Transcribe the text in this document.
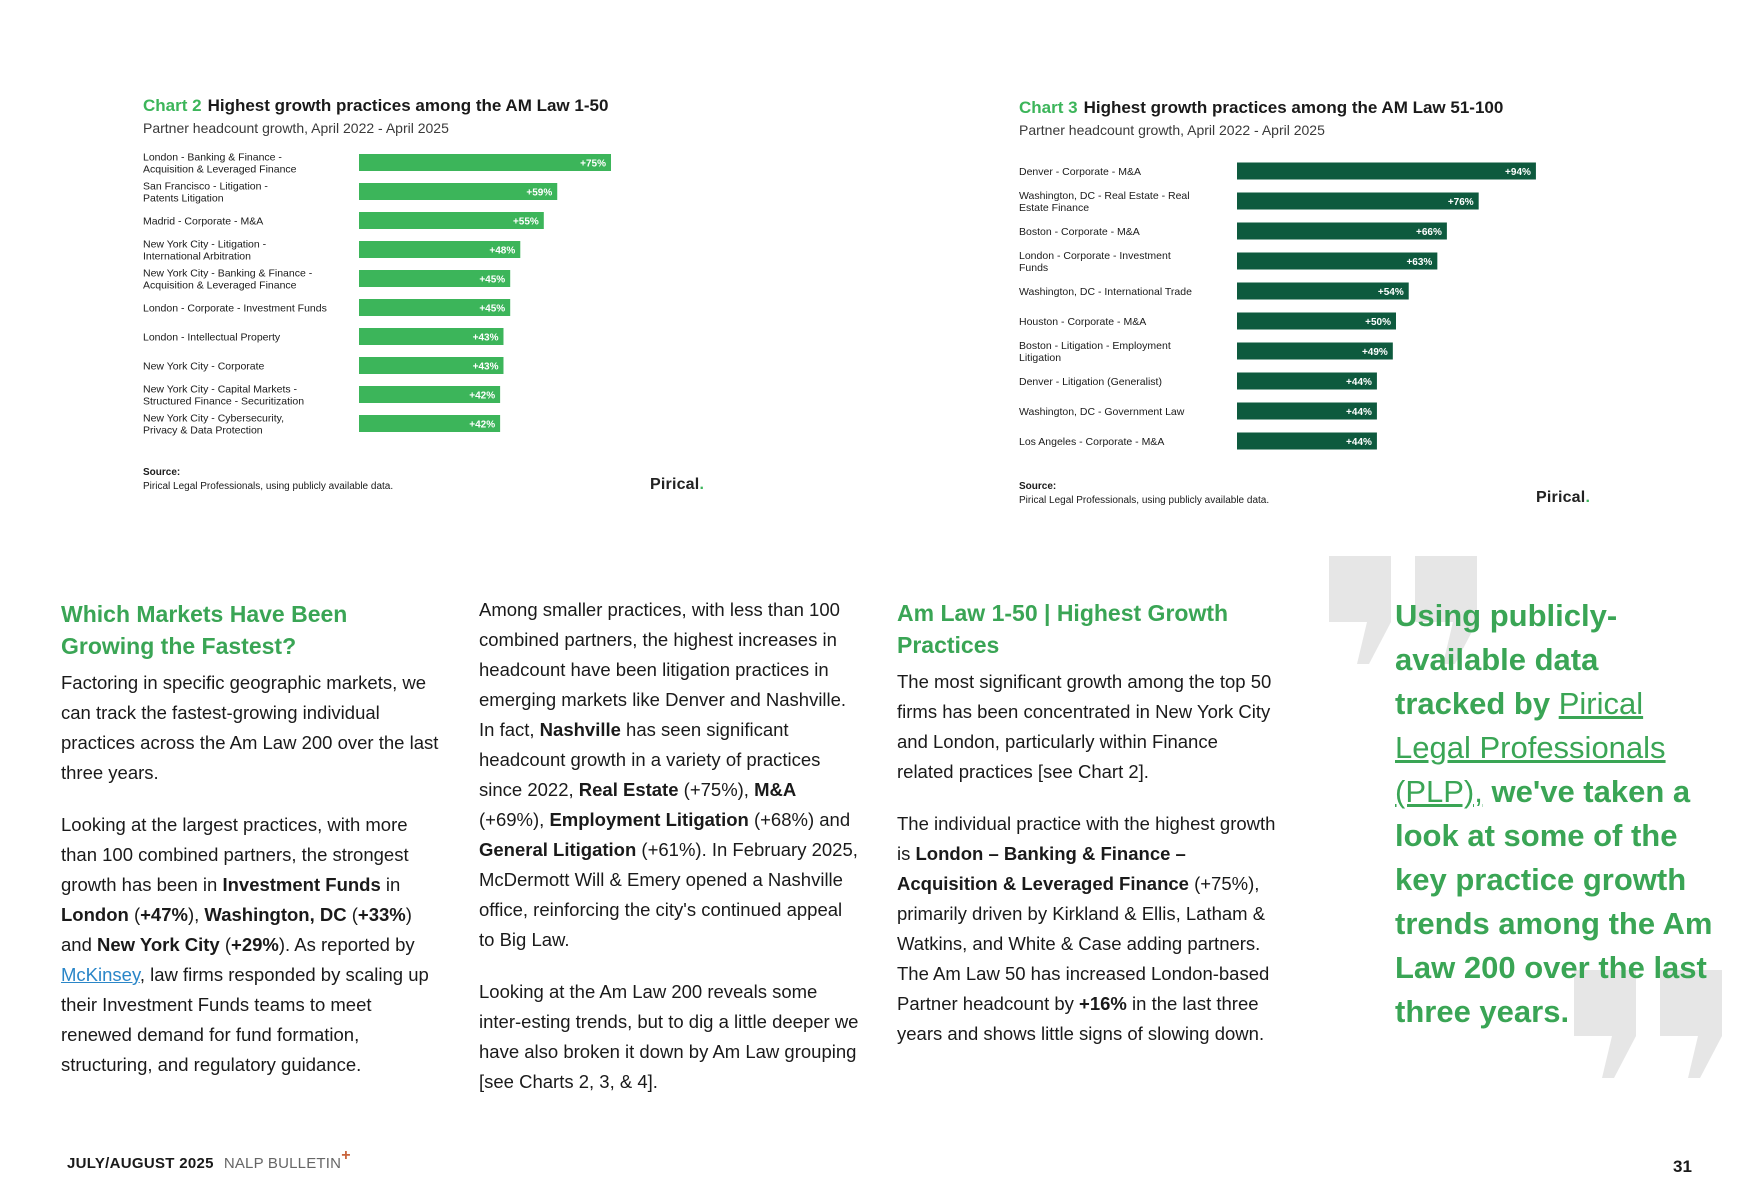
Chart 2 Highest growth practices among the AM Law 1-50
Partner headcount growth, April 2022 - April 2025
London - Banking & Finance -
Acquisition & Leveraged Finance	+75%
San Francisco - Litigation -
Patents Litigation	+59%
Madrid - Corporate - M&A	+55%
New York City - Litigation -
International Arbitration	+48%
New York City - Banking & Finance -
Acquisition & Leveraged Finance	+45%
London - Corporate - Investment Funds	+45%
London - Intellectual Property	+43%
New York City - Corporate	+43%
New York City - Capital Markets -
Structured Finance - Securitization	+42%
New York City - Cybersecurity,
Privacy & Data Protection	+42%
Source:
Pirical Legal Professionals, using publicly available data.	Pirical.
Chart 3 Highest growth practices among the AM Law 51-100
Partner headcount growth, April 2022 - April 2025
Denver - Corporate - M&A	+94%
Washington, DC - Real Estate - Real
Estate Finance	+76%
Boston - Corporate - M&A	+66%
London - Corporate - Investment
Funds	+63%
Washington, DC - International Trade	+54%
Houston - Corporate - M&A	+50%
Boston - Litigation - Employment
Litigation	+49%
Denver - Litigation (Generalist)	+44%
Washington, DC - Government Law	+44%
Los Angeles - Corporate - M&A	+44%
Source:
Pirical Legal Professionals, using publicly available data.	Pirical.
Which Markets Have Been Growing the Fastest?

Factoring in specific geographic markets, we can track the fastest-growing individual practices across the Am Law 200 over the last three years.

Looking at the largest practices, with more than 100 combined partners, the strongest growth has been in Investment Funds in London (+47%), Washington, DC (+33%) and New York City (+29%). As reported by McKinsey, law firms responded by scaling up their Investment Funds teams to meet renewed demand for fund formation, structuring, and regulatory guidance.

Among smaller practices, with less than 100 combined partners, the highest increases in headcount have been litigation practices in emerging markets like Denver and Nashville. In fact, Nashville has seen significant headcount growth in a variety of practices since 2022, Real Estate (+75%), M&A (+69%), Employment Litigation (+68%) and General Litigation (+61%). In February 2025, McDermott Will & Emery opened a Nashville office, reinforcing the city's continued appeal to Big Law.

Looking at the Am Law 200 reveals some inter-esting trends, but to dig a little deeper we have also broken it down by Am Law grouping [see Charts 2, 3, & 4].

Am Law 1-50 | Highest Growth Practices

The most significant growth among the top 50 firms has been concentrated in New York City and London, particularly within Finance related practices [see Chart 2].

The individual practice with the highest growth is London – Banking & Finance – Acquisition & Leveraged Finance (+75%), primarily driven by Kirkland & Ellis, Latham & Watkins, and White & Case adding partners. The Am Law 50 has increased London-based Partner headcount by +16% in the last three years and shows little signs of slowing down.

Using publicly-available data tracked by Pirical Legal Professionals (PLP), we've taken a look at some of the key practice growth trends among the Am Law 200 over the last three years.
JULY/AUGUST 2025 NALP BULLETIN+
31
